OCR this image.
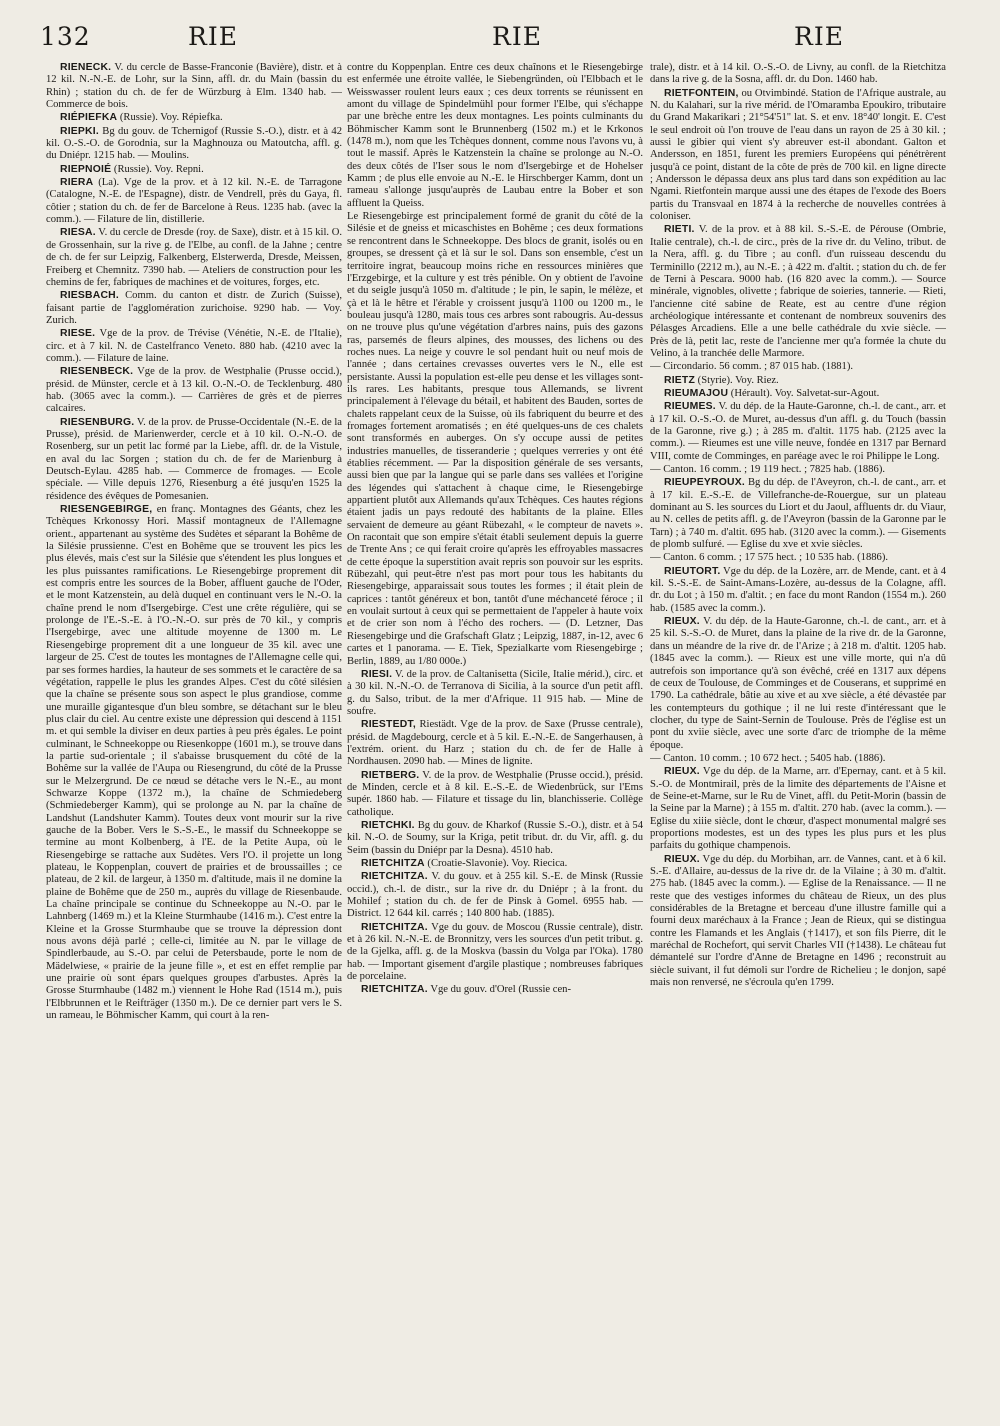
132	RIE	RIE	RIE

RIENECK. V. du cercle de Basse-Franconie (Bavière), distr. et à 12 kil. N.-N.-E. de Lohr, sur la Sinn, affl. dr. du Main (bassin du Rhin) ; station du ch. de fer de Würzburg à Elm. 1340 hab. — Commerce de bois.

RIÉPIEFKA (Russie). Voy. Répiefka.

RIEPKI. Bg du gouv. de Tchernigof (Russie S.-O.), distr. et à 42 kil. O.-S.-O. de Gorodnia, sur la Maghnouza ou Matoutcha, affl. g. du Dniépr. 1215 hab. — Moulins.

RIEPNOIÉ (Russie). Voy. Repni.

RIERA (La). Vge de la prov. et à 12 kil. N.-E. de Tarragone (Catalogne, N.-E. de l'Espagne), distr. de Vendrell, près du Gaya, fl. côtier ; station du ch. de fer de Barcelone à Reus. 1235 hab. (avec la comm.). — Filature de lin, distillerie.

RIESA. V. du cercle de Dresde (roy. de Saxe), distr. et à 15 kil. O. de Grossenhain, sur la rive g. de l'Elbe, au confl. de la Jahne ; centre de ch. de fer sur Leipzig, Falkenberg, Elsterwerda, Dresde, Meissen, Freiberg et Chemnitz. 7390 hab. — Ateliers de construction pour les chemins de fer, fabriques de machines et de voitures, forges, etc.

RIESBACH. Comm. du canton et distr. de Zurich (Suisse), faisant partie de l'agglomération zurichoise. 9290 hab. — Voy. Zurich.

RIESE. Vge de la prov. de Trévise (Vénétie, N.-E. de l'Italie), circ. et à 7 kil. N. de Castelfranco Veneto. 880 hab. (4210 avec la comm.). — Filature de laine.

RIESENBECK. Vge de la prov. de Westphalie (Prusse occid.), présid. de Münster, cercle et à 13 kil. O.-N.-O. de Tecklenburg. 480 hab. (3065 avec la comm.). — Carrières de grès et de pierres calcaires.

RIESENBURG. V. de la prov. de Prusse-Occidentale (N.-E. de la Prusse), présid. de Marienwerder, cercle et à 10 kil. O.-N.-O. de Rosenberg, sur un petit lac formé par la Liebe, affl. dr. de la Vistule, en aval du lac Sorgen ; station du ch. de fer de Marienburg à Deutsch-Eylau. 4285 hab. — Commerce de fromages. — Ecole spéciale. — Ville depuis 1276, Riesenburg a été jusqu'en 1525 la résidence des évêques de Pomesanien.

RIESENGEBIRGE, en franç. Montagnes des Géants, chez les Tchèques Krkonossy Hori. Massif montagneux de l'Allemagne orient., appartenant au système des Sudètes et séparant la Bohême de la Silésie prussienne. C'est en Bohême que se trouvent les pics les plus élevés, mais c'est sur la Silésie que s'étendent les plus longues et les plus puissantes ramifications. Le Riesengebirge proprement dit est compris entre les sources de la Bober, affluent gauche de l'Oder, et le mont Katzenstein, au delà duquel en continuant vers le N.-O. la chaîne prend le nom d'Isergebirge. C'est une crête régulière, qui se prolonge de l'E.-S.-E. à l'O.-N.-O. sur près de 70 kil., y compris l'Isergebirge, avec une altitude moyenne de 1300 m. Le Riesengebirge proprement dit a une longueur de 35 kil. avec une largeur de 25. C'est de toutes les montagnes de l'Allemagne celle qui, par ses formes hardies, la hauteur de ses sommets et le caractère de sa végétation, rappelle le plus les grandes Alpes. C'est du côté silésien que la chaîne se présente sous son aspect le plus grandiose, comme une muraille gigantesque d'un bleu sombre, se détachant sur le bleu plus clair du ciel. Au centre existe une dépression qui descend à 1151 m. et qui semble la diviser en deux parties à peu près égales. Le point culminant, le Schneekoppe ou Riesenkoppe (1601 m.), se trouve dans la partie sud-orientale ; il s'abaisse brusquement du côté de la Bohême sur la vallée de l'Aupa ou Riesengrund, du côté de la Prusse sur le Melzergrund. De ce nœud se détache vers le N.-E., au mont Schwarze Koppe (1372 m.), la chaîne de Schmiedeberg (Schmiedeberger Kamm), qui se prolonge au N. par la chaîne de Landshut (Landshuter Kamm). Toutes deux vont mourir sur la rive gauche de la Bober. Vers le S.-S.-E., le massif du Schneekoppe se termine au mont Kolbenberg, à l'E. de la Petite Aupa, où le Riesengebirge se rattache aux Sudètes. Vers l'O. il projette un long plateau, le Koppenplan, couvert de prairies et de broussailles ; ce plateau, de 2 kil. de largeur, à 1350 m. d'altitude, mais il ne domine la plaine de Bohême que de 250 m., auprès du village de Riesenbaude. La chaîne principale se continue du Schneekoppe au N.-O. par le Lahnberg (1469 m.) et la Kleine Sturmhaube (1416 m.). C'est entre la Kleine et la Grosse Sturmhaube que se trouve la dépression dont nous avons déjà parlé ; celle-ci, limitée au N. par le village de Spindlerbaude, au S.-O. par celui de Petersbaude, porte le nom de Mädelwiese, « prairie de la jeune fille », et est en effet remplie par une prairie où sont épars quelques groupes d'arbustes. Après la Grosse Sturmhaube (1482 m.) viennent le Hohe Rad (1514 m.), puis l'Elbbrunnen et le Reifträger (1350 m.). De ce dernier part vers le S. un rameau, le Böhmischer Kamm, qui court à la ren-

contre du Koppenplan. Entre ces deux chaînons et le Riesengebirge est enfermée une étroite vallée, le Siebengründen, où l'Elbbach et le Weisswasser roulent leurs eaux ; ces deux torrents se réunissent en amont du village de Spindelmühl pour former l'Elbe, qui s'échappe par une brèche entre les deux montagnes. Les points culminants du Böhmischer Kamm sont le Brunnenberg (1502 m.) et le Krkonos (1478 m.), nom que les Tchèques donnent, comme nous l'avons vu, à tout le massif. Après le Katzenstein la chaîne se prolonge au N.-O. des deux côtés de l'Iser sous le nom d'Isergebirge et de Hohelser Kamm ; de plus elle envoie au N.-E. le Hirschberger Kamm, dont un rameau s'allonge jusqu'auprès de Laubau entre la Bober et son affluent la Queiss.

Le Riesengebirge est principalement formé de granit du côté de la Silésie et de gneiss et micaschistes en Bohême ; ces deux formations se rencontrent dans le Schneekoppe. Des blocs de granit, isolés ou en groupes, se dressent çà et là sur le sol. Dans son ensemble, c'est un territoire ingrat, beaucoup moins riche en ressources minières que l'Erzgebirge, et la culture y est très pénible. On y obtient de l'avoine et du seigle jusqu'à 1050 m. d'altitude ; le pin, le sapin, le mélèze, et çà et là le hêtre et l'érable y croissent jusqu'à 1100 ou 1200 m., le bouleau jusqu'à 1280, mais tous ces arbres sont rabougris. Au-dessus on ne trouve plus qu'une végétation d'arbres nains, puis des gazons ras, parsemés de fleurs alpines, des mousses, des lichens ou des roches nues. La neige y couvre le sol pendant huit ou neuf mois de l'année ; dans certaines crevasses ouvertes vers le N., elle est persistante. Aussi la population est-elle peu dense et les villages sont-ils rares. Les habitants, presque tous Allemands, se livrent principalement à l'élevage du bétail, et habitent des Bauden, sortes de chalets rappelant ceux de la Suisse, où ils fabriquent du beurre et des fromages fortement aromatisés ; en été quelques-uns de ces chalets sont transformés en auberges. On s'y occupe aussi de petites industries manuelles, de tisseranderie ; quelques verreries y ont été établies récemment. — Par la disposition générale de ses versants, aussi bien que par la langue qui se parle dans ses vallées et l'origine des légendes qui s'attachent à chaque cime, le Riesengebirge appartient plutôt aux Allemands qu'aux Tchèques. Ces hautes régions étaient jadis un pays redouté des habitants de la plaine. Elles servaient de demeure au géant Rübezahl, « le compteur de navets ». On racontait que son empire s'était établi seulement depuis la guerre de Trente Ans ; ce qui ferait croire qu'après les effroyables massacres de cette époque la superstition avait repris son pouvoir sur les esprits. Rübezahl, qui peut-être n'est pas mort pour tous les habitants du Riesengebirge, apparaissait sous toutes les formes ; il était plein de caprices : tantôt généreux et bon, tantôt d'une méchanceté féroce ; il en voulait surtout à ceux qui se permettaient de l'appeler à haute voix et de crier son nom à l'écho des rochers. — (D. Letzner, Das Riesengebirge und die Grafschaft Glatz ; Leipzig, 1887, in-12, avec 6 cartes et 1 panorama. — E. Tiek, Spezialkarte vom Riesengebirge ; Berlin, 1889, au 1/80 000e.)

RIESI. V. de la prov. de Caltanisetta (Sicile, Italie mérid.), circ. et à 30 kil. N.-N.-O. de Terranova di Sicilia, à la source d'un petit affl. g. du Salso, tribut. de la mer d'Afrique. 11 915 hab. — Mine de soufre.

RIESTEDT, Riestädt. Vge de la prov. de Saxe (Prusse centrale), présid. de Magdebourg, cercle et à 5 kil. E.-N.-E. de Sangerhausen, à l'extrém. orient. du Harz ; station du ch. de fer de Halle à Nordhausen. 2090 hab. — Mines de lignite.

RIETBERG. V. de la prov. de Westphalie (Prusse occid.), présid. de Minden, cercle et à 8 kil. E.-S.-E. de Wiedenbrück, sur l'Ems supér. 1860 hab. — Filature et tissage du lin, blanchisserie. Collège catholique.

RIETCHKI. Bg du gouv. de Kharkof (Russie S.-O.), distr. et à 54 kil. N.-O. de Soumy, sur la Kriga, petit tribut. dr. du Vir, affl. g. du Seim (bassin du Dniépr par la Desna). 4510 hab.

RIETCHITZA (Croatie-Slavonie). Voy. Riecica.

RIETCHITZA. V. du gouv. et à 255 kil. S.-E. de Minsk (Russie occid.), ch.-l. de distr., sur la rive dr. du Dniépr ; à la front. du Mohilef ; station du ch. de fer de Pinsk à Gomel. 6955 hab. — District. 12 644 kil. carrés ; 140 800 hab. (1885).

RIETCHITZA. Vge du gouv. de Moscou (Russie centrale), distr. et à 26 kil. N.-N.-E. de Bronnitzy, vers les sources d'un petit tribut. g. de la Gjelka, affl. g. de la Moskva (bassin du Volga par l'Oka). 1780 hab. — Important gisement d'argile plastique ; nombreuses fabriques de porcelaine.

RIETCHITZA. Vge du gouv. d'Orel (Russie cen-

trale), distr. et à 14 kil. O.-S.-O. de Livny, au confl. de la Rietchitza dans la rive g. de la Sosna, affl. dr. du Don. 1460 hab.

RIETFONTEIN, ou Otvimbindé. Station de l'Afrique australe, au N. du Kalahari, sur la rive mérid. de l'Omaramba Epoukiro, tributaire du Grand Makarikari ; 21°54'51" lat. S. et env. 18°40' longit. E. C'est le seul endroit où l'on trouve de l'eau dans un rayon de 25 à 30 kil. ; aussi le gibier qui vient s'y abreuver est-il abondant. Galton et Andersson, en 1851, furent les premiers Européens qui pénétrèrent jusqu'à ce point, distant de la côte de près de 700 kil. en ligne directe ; Andersson le dépassa deux ans plus tard dans son expédition au lac Ngami. Rietfontein marque aussi une des étapes de l'exode des Boers partis du Transvaal en 1874 à la recherche de nouvelles contrées à coloniser.

RIETI. V. de la prov. et à 88 kil. S.-S.-E. de Pérouse (Ombrie, Italie centrale), ch.-l. de circ., près de la rive dr. du Velino, tribut. de la Nera, affl. g. du Tibre ; au confl. d'un ruisseau descendu du Terminillo (2212 m.), au N.-E. ; à 422 m. d'altit. ; station du ch. de fer de Terni à Pescara. 9000 hab. (16 820 avec la comm.). — Source minérale, vignobles, olivette ; fabrique de soieries, tannerie. — Rieti, l'ancienne cité sabine de Reate, est au centre d'une région archéologique intéressante et contenant de nombreux souvenirs des Pélasges Arcadiens. Elle a une belle cathédrale du xvie siècle. — Près de là, petit lac, reste de l'ancienne mer qu'a formée la chute du Velino, à la tranchée delle Marmore.

— Circondario. 56 comm. ; 87 015 hab. (1881).

RIETZ (Styrie). Voy. Riez.

RIEUMAJOU (Hérault). Voy. Salvetat-sur-Agout.

RIEUMES. V. du dép. de la Haute-Garonne, ch.-l. de cant., arr. et à 17 kil. O.-S.-O. de Muret, au-dessus d'un affl. g. du Touch (bassin de la Garonne, rive g.) ; à 285 m. d'altit. 1175 hab. (2125 avec la comm.). — Rieumes est une ville neuve, fondée en 1317 par Bernard VIII, comte de Comminges, en paréage avec le roi Philippe le Long.

— Canton. 16 comm. ; 19 119 hect. ; 7825 hab. (1886).

RIEUPEYROUX. Bg du dép. de l'Aveyron, ch.-l. de cant., arr. et à 17 kil. E.-S.-E. de Villefranche-de-Rouergue, sur un plateau dominant au S. les sources du Liort et du Jaoul, affluents dr. du Viaur, au N. celles de petits affl. g. de l'Aveyron (bassin de la Garonne par le Tarn) ; à 740 m. d'altit. 695 hab. (3120 avec la comm.). — Gisements de plomb sulfuré. — Eglise du xve et xvie siècles.

— Canton. 6 comm. ; 17 575 hect. ; 10 535 hab. (1886).

RIEUTORT. Vge du dép. de la Lozère, arr. de Mende, cant. et à 4 kil. S.-S.-E. de Saint-Amans-Lozère, au-dessus de la Colagne, affl. dr. du Lot ; à 150 m. d'altit. ; en face du mont Randon (1554 m.). 260 hab. (1585 avec la comm.).

RIEUX. V. du dép. de la Haute-Garonne, ch.-l. de cant., arr. et à 25 kil. S.-S.-O. de Muret, dans la plaine de la rive dr. de la Garonne, dans un méandre de la rive dr. de l'Arize ; à 218 m. d'altit. 1205 hab. (1845 avec la comm.). — Rieux est une ville morte, qui n'a dû autrefois son importance qu'à son évêché, créé en 1317 aux dépens de ceux de Toulouse, de Comminges et de Couserans, et supprimé en 1790. La cathédrale, bâtie au xive et au xve siècle, a été dévastée par les contempteurs du gothique ; il ne lui reste d'intéressant que le clocher, du type de Saint-Sernin de Toulouse. Près de l'église est un pont du xviie siècle, avec une sorte d'arc de triomphe de la même époque.

— Canton. 10 comm. ; 10 672 hect. ; 5405 hab. (1886).

RIEUX. Vge du dép. de la Marne, arr. d'Epernay, cant. et à 5 kil. S.-O. de Montmirail, près de la limite des départements de l'Aisne et de Seine-et-Marne, sur le Ru de Vinet, affl. du Petit-Morin (bassin de la Seine par la Marne) ; à 155 m. d'altit. 270 hab. (avec la comm.). — Eglise du xiiie siècle, dont le chœur, d'aspect monumental malgré ses proportions modestes, est un des types les plus purs et les plus parfaits du gothique champenois.

RIEUX. Vge du dép. du Morbihan, arr. de Vannes, cant. et à 6 kil. S.-E. d'Allaire, au-dessus de la rive dr. de la Vilaine ; à 30 m. d'altit. 275 hab. (1845 avec la comm.). — Eglise de la Renaissance. — Il ne reste que des vestiges informes du château de Rieux, un des plus considérables de la Bretagne et berceau d'une illustre famille qui a fourni deux maréchaux à la France ; Jean de Rieux, qui se distingua contre les Flamands et les Anglais (†1417), et son fils Pierre, dit le maréchal de Rochefort, qui servit Charles VII (†1438). Le château fut démantelé sur l'ordre d'Anne de Bretagne en 1496 ; reconstruit au siècle suivant, il fut démoli sur l'ordre de Richelieu ; le donjon, sapé mais non renversé, ne s'écroula qu'en 1799.
